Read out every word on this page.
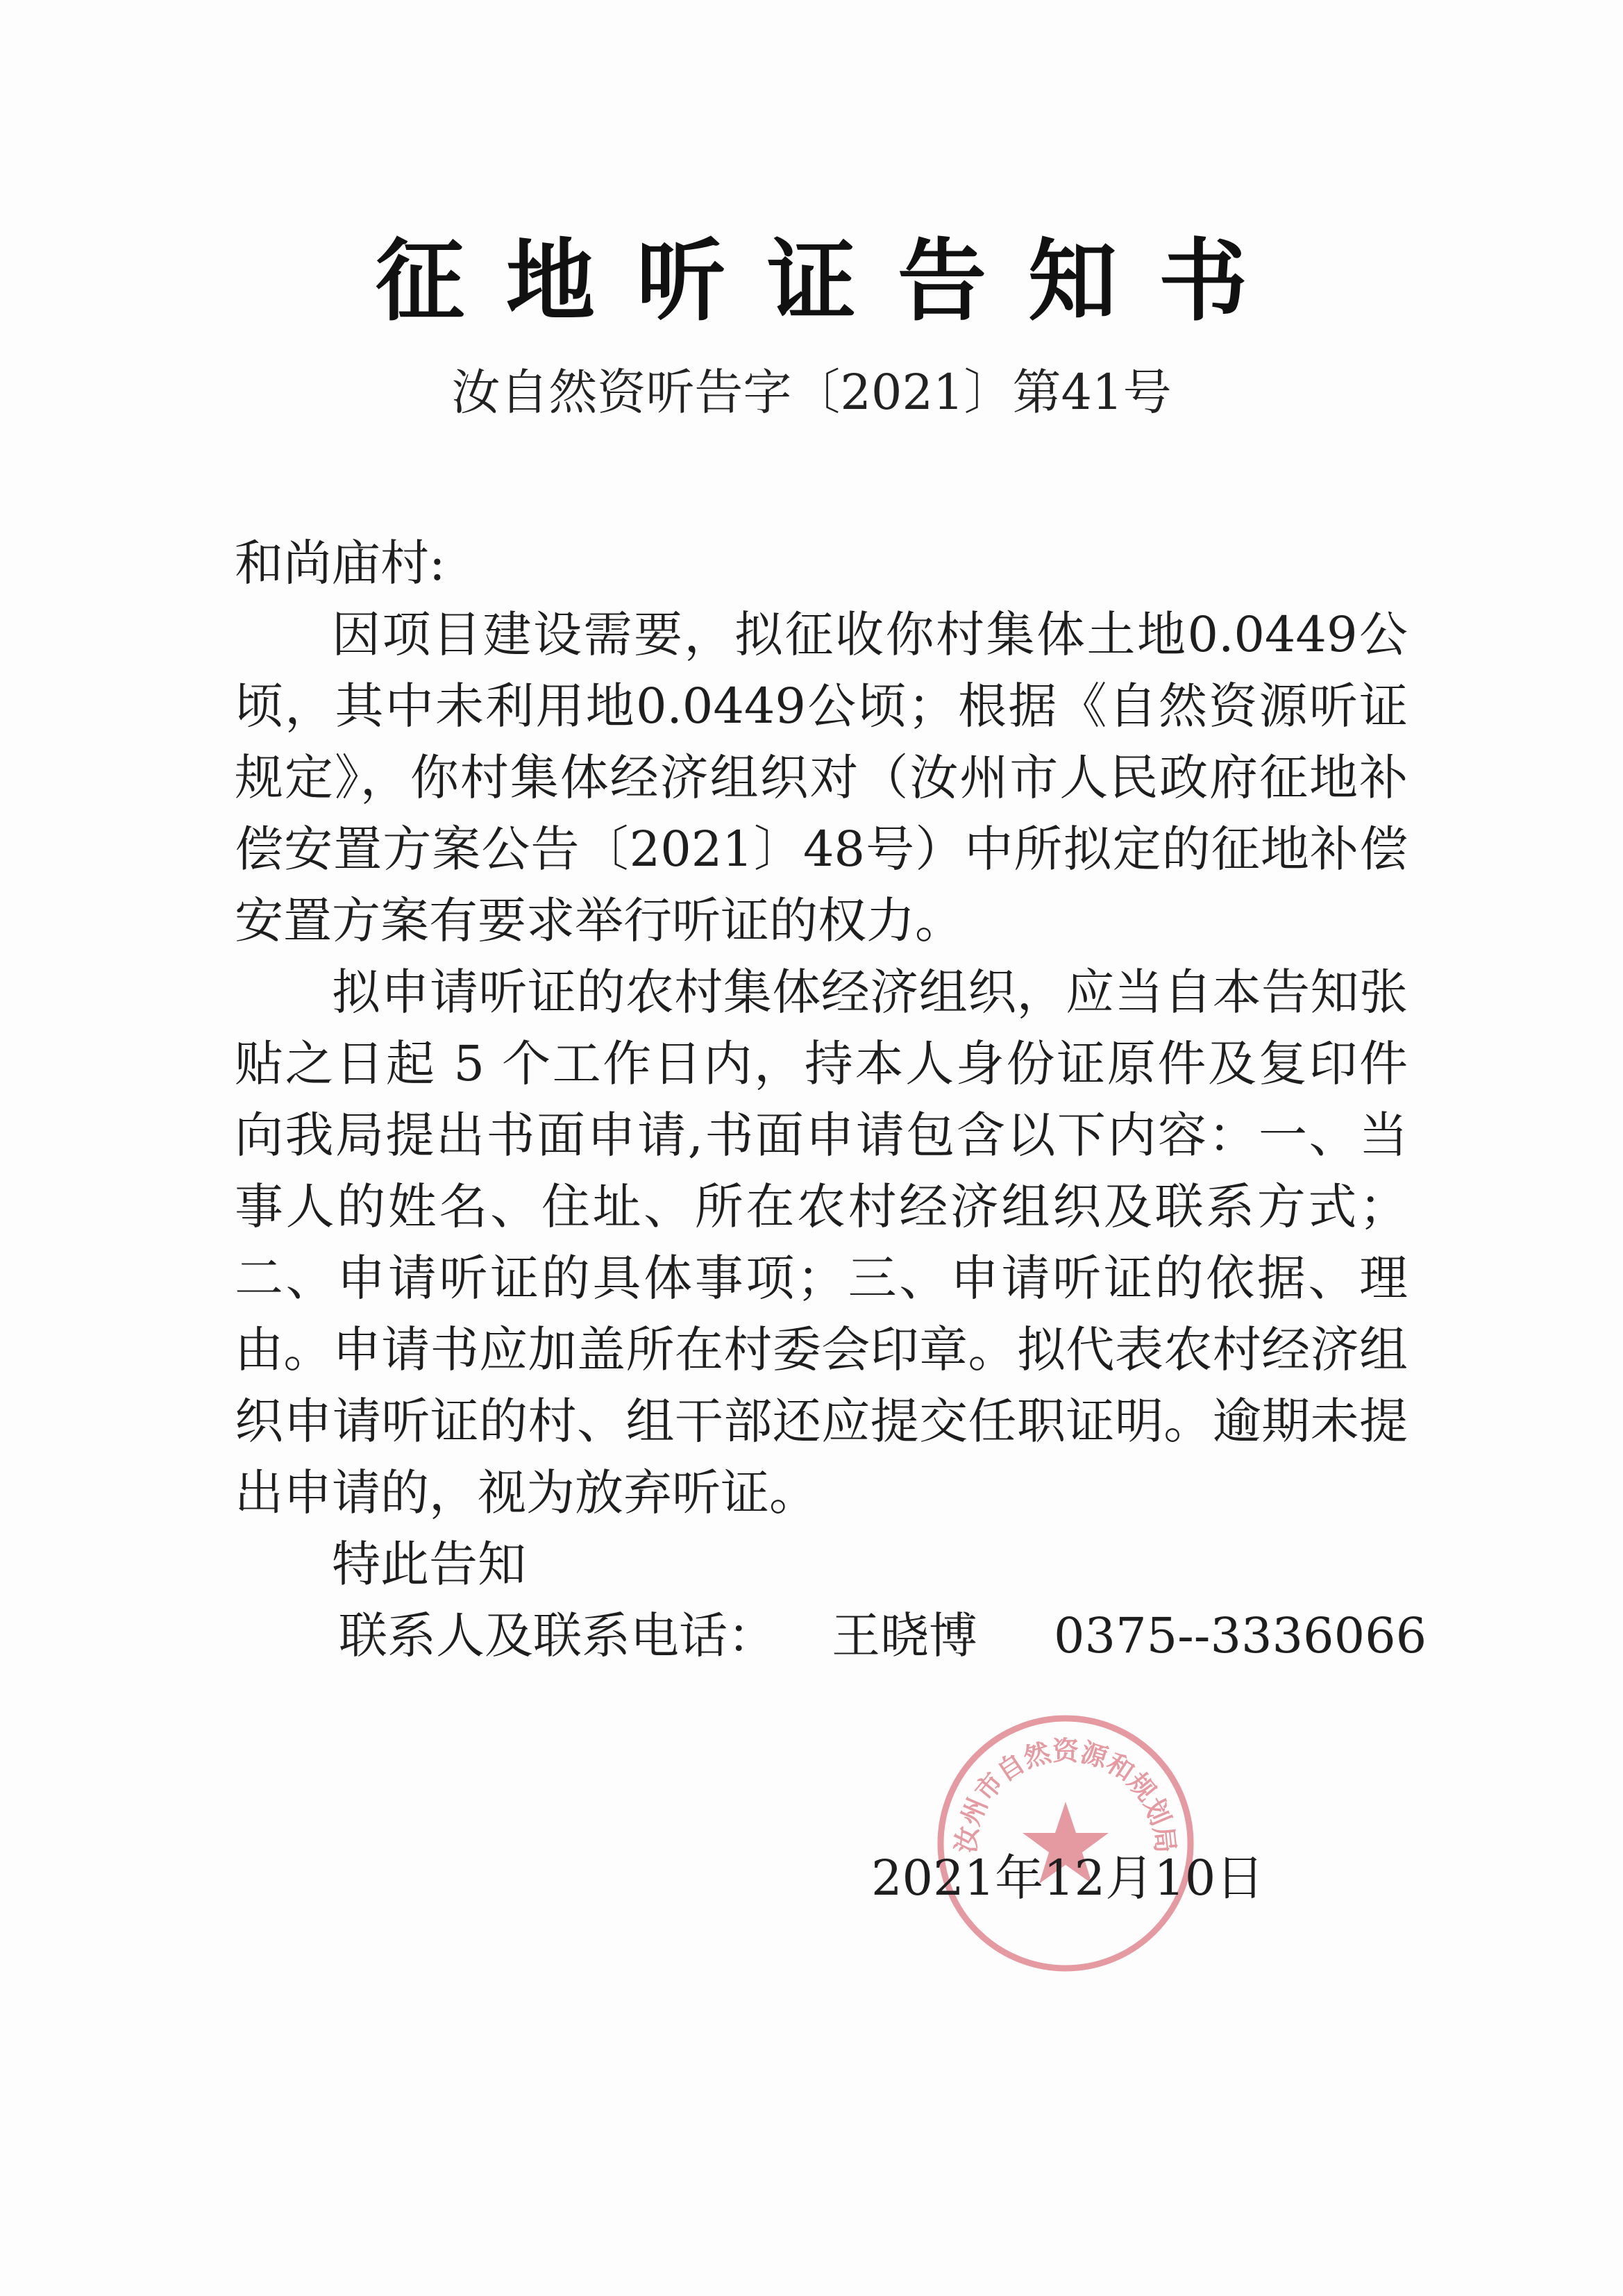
征地听证告知书
汝自然资听告字〔2021〕第41号

和尚庙村:

因项目建设需要，拟征收你村集体土地0.0449公顷，其中未利用地0.0449公顷；根据《自然资源听证规定》，你村集体经济组织对（汝州市人民政府征地补偿安置方案公告〔2021〕48号）中所拟定的征地补偿安置方案有要求举行听证的权力。

拟申请听证的农村集体经济组织，应当自本告知张贴之日起 5 个工作日内，持本人身份证原件及复印件向我局提出书面申请,书面申请包含以下内容：一、当事人的姓名、住址、所在农村经济组织及联系方式；二、申请听证的具体事项；三、申请听证的依据、理由。申请书应加盖所在村委会印章。拟代表农村经济组织申请听证的村、组干部还应提交任职证明。逾期未提出申请的，视为放弃听证。

特此告知

联系人及联系电话： 王晓博 0375--3336066

汝州市自然资源和规划局
2021年12月10日
